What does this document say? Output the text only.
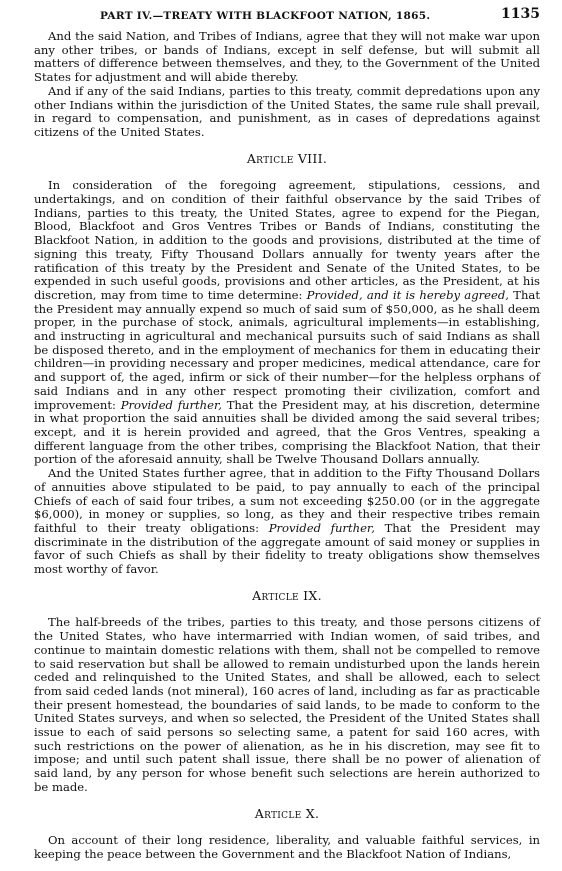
PART IV.—TREATY WITH BLACKFOOT NATION, 1865.	1135

And the said Nation, and Tribes of Indians, agree that they will not make war upon any other tribes, or bands of Indians, except in self defense, but will submit all matters of difference between themselves, and they, to the Government of the United States for adjustment and will abide thereby.

And if any of the said Indians, parties to this treaty, commit depredations upon any other Indians within the jurisdiction of the United States, the same rule shall prevail, in regard to compensation, and punishment, as in cases of depredations against citizens of the United States.

Article VIII.

In consideration of the foregoing agreement, stipulations, cessions, and undertakings, and on condition of their faithful observance by the said Tribes of Indians, parties to this treaty, the United States, agree to expend for the Piegan, Blood, Blackfoot and Gros Ventres Tribes or Bands of Indians, constituting the Blackfoot Nation, in addition to the goods and provisions, distributed at the time of signing this treaty, Fifty Thousand Dollars annually for twenty years after the ratification of this treaty by the President and Senate of the United States, to be expended in such useful goods, provisions and other articles, as the President, at his discretion, may from time to time determine: Provided, and it is hereby agreed, That the President may annually expend so much of said sum of $50,000, as he shall deem proper, in the purchase of stock, animals, agricultural implements—in establishing, and instructing in agricultural and mechanical pursuits such of said Indians as shall be disposed thereto, and in the employment of mechanics for them in educating their children—in providing necessary and proper medicines, medical attendance, care for and support of, the aged, infirm or sick of their number—for the helpless orphans of said Indians and in any other respect promoting their civilization, comfort and improvement: Provided further, That the President may, at his discretion, determine in what proportion the said annuities shall be divided among the said several tribes; except, and it is herein provided and agreed, that the Gros Ventres, speaking a different language from the other tribes, comprising the Blackfoot Nation, that their portion of the aforesaid annuity, shall be Twelve Thousand Dollars annually.

And the United States further agree, that in addition to the Fifty Thousand Dollars of annuities above stipulated to be paid, to pay annually to each of the principal Chiefs of each of said four tribes, a sum not exceeding $250.00 (or in the aggregate $6,000), in money or supplies, so long, as they and their respective tribes remain faithful to their treaty obligations: Provided further, That the President may discriminate in the distribution of the aggregate amount of said money or supplies in favor of such Chiefs as shall by their fidelity to treaty obligations show themselves most worthy of favor.

Article IX.

The half-breeds of the tribes, parties to this treaty, and those persons citizens of the United States, who have intermarried with Indian women, of said tribes, and continue to maintain domestic relations with them, shall not be compelled to remove to said reservation but shall be allowed to remain undisturbed upon the lands herein ceded and relinquished to the United States, and shall be allowed, each to select from said ceded lands (not mineral), 160 acres of land, including as far as practicable their present homestead, the boundaries of said lands, to be made to conform to the United States surveys, and when so selected, the President of the United States shall issue to each of said persons so selecting same, a patent for said 160 acres, with such restrictions on the power of alienation, as he in his discretion, may see fit to impose; and until such patent shall issue, there shall be no power of alienation of said land, by any person for whose benefit such selections are herein authorized to be made.

Article X.

On account of their long residence, liberality, and valuable faithful services, in keeping the peace between the Government and the Blackfoot Nation of Indians,
